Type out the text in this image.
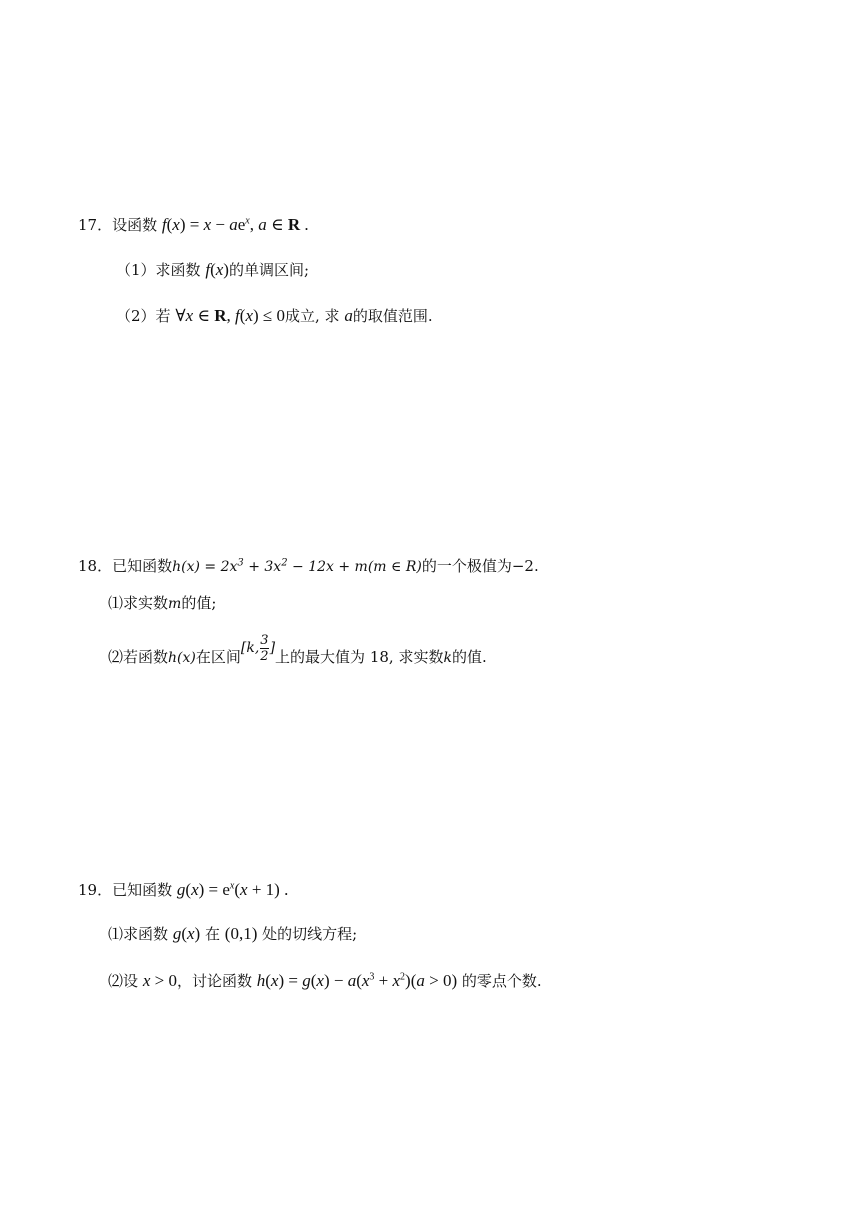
17．设函数 $f(x) = x - ae^x$, a ∈ R .
（1）求函数 f(x)的单调区间;
（2）若 ∀x ∈ R, f(x) ≤ 0成立, 求 a的取值范围.
18．已知函数$h(x) = 2x^3 + 3x^2 - 12x + m(m$ ∈ R)的一个极值为−2.
⑴求实数m的值;
⑵若函数h(x)在区间[k, $\frac{3}{2}$ ]上的最大值为 18, 求实数k的值.
19．已知函数 $g(x) = e^x(x + 1)$ .
⑴求函数 g(x) 在 (0,1) 处的切线方程;
⑵设 x > 0，讨论函数 $h(x) = g(x) - a(x^3 + x^2)(a > 0)$ 的零点个数.
